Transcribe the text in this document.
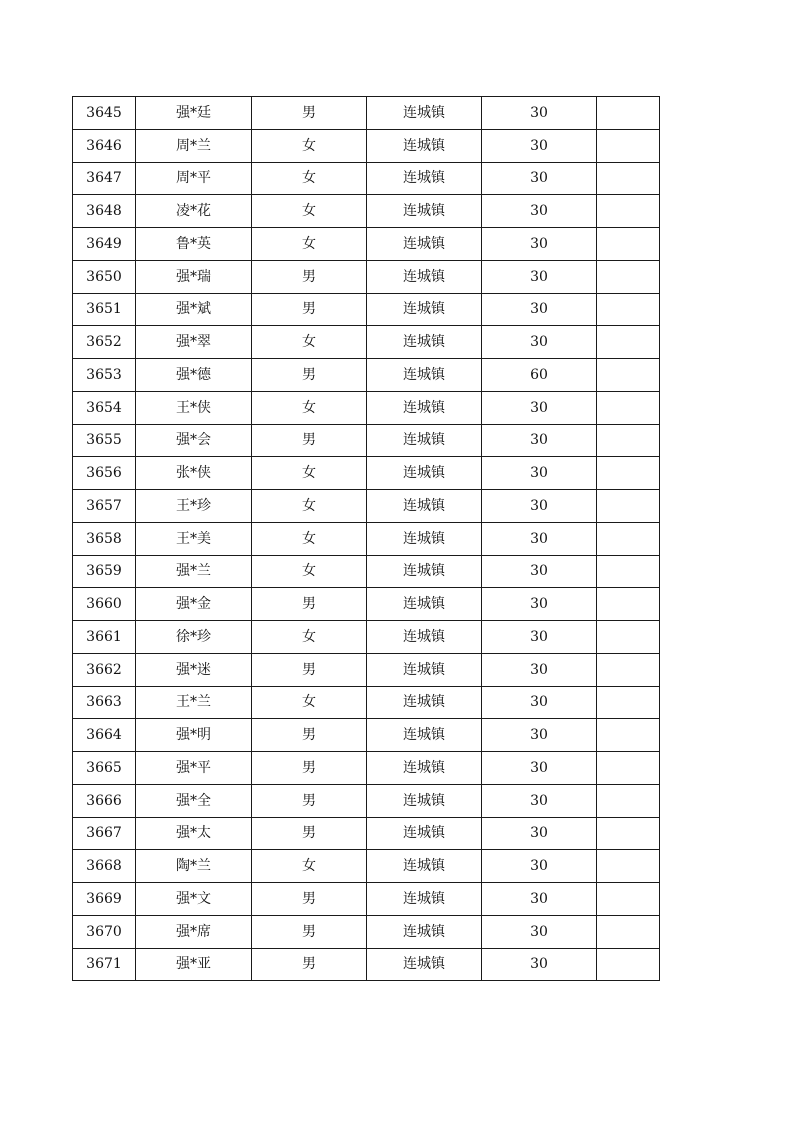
3645	强*廷	男	连城镇	30	
3646	周*兰	女	连城镇	30	
3647	周*平	女	连城镇	30	
3648	凌*花	女	连城镇	30	
3649	鲁*英	女	连城镇	30	
3650	强*瑞	男	连城镇	30	
3651	强*斌	男	连城镇	30	
3652	强*翠	女	连城镇	30	
3653	强*德	男	连城镇	60	
3654	王*侠	女	连城镇	30	
3655	强*会	男	连城镇	30	
3656	张*侠	女	连城镇	30	
3657	王*珍	女	连城镇	30	
3658	王*美	女	连城镇	30	
3659	强*兰	女	连城镇	30	
3660	强*金	男	连城镇	30	
3661	徐*珍	女	连城镇	30	
3662	强*迷	男	连城镇	30	
3663	王*兰	女	连城镇	30	
3664	强*明	男	连城镇	30	
3665	强*平	男	连城镇	30	
3666	强*全	男	连城镇	30	
3667	强*太	男	连城镇	30	
3668	陶*兰	女	连城镇	30	
3669	强*文	男	连城镇	30	
3670	强*席	男	连城镇	30	
3671	强*亚	男	连城镇	30	
